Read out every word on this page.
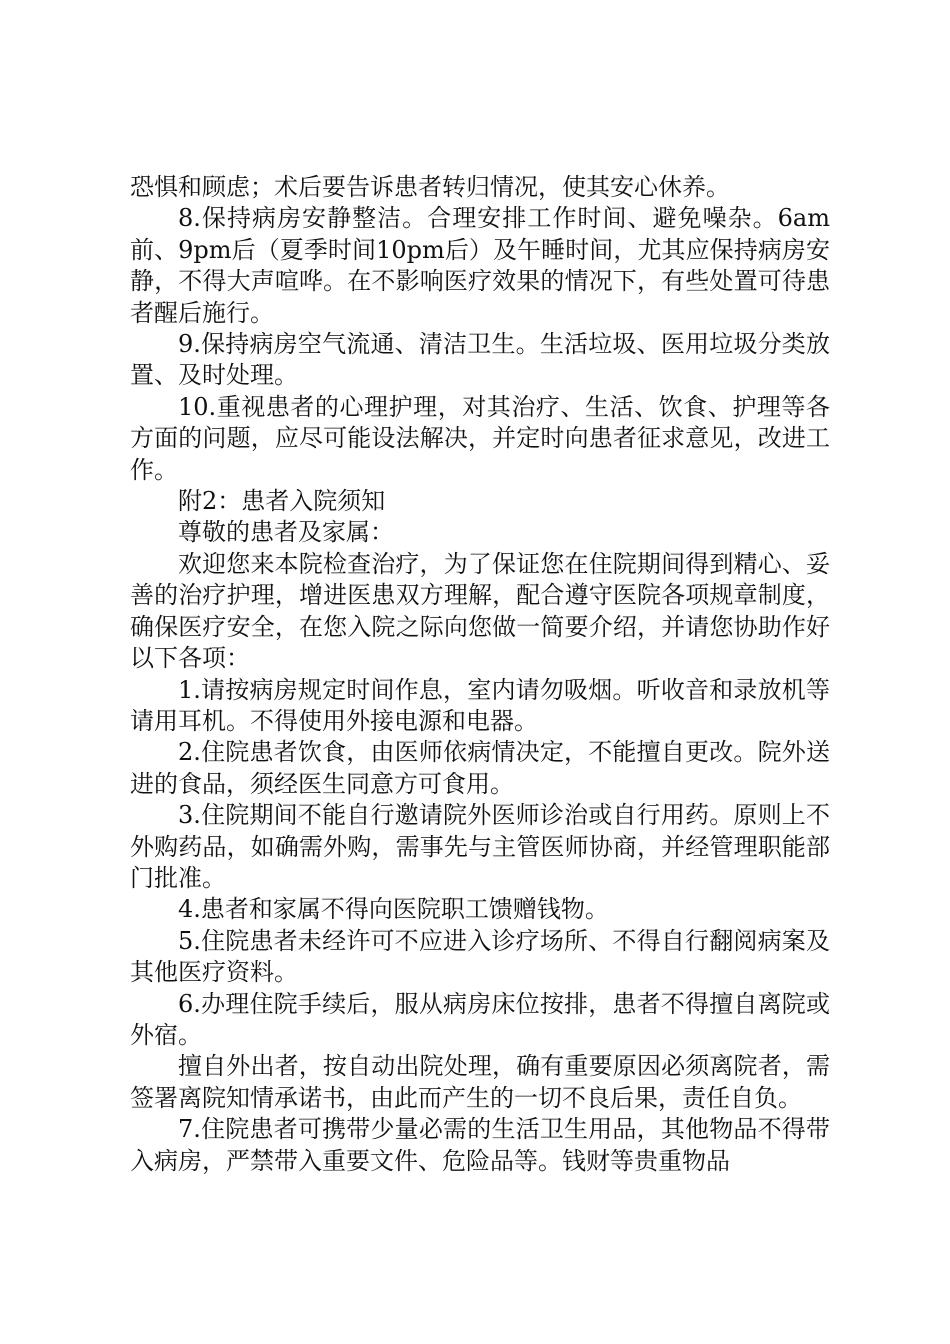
恐惧和顾虑；术后要告诉患者转归情况，使其安心休养。

8.保持病房安静整洁。合理安排工作时间、避免噪杂。6am前、9pm后（夏季时间10pm后）及午睡时间，尤其应保持病房安静，不得大声喧哗。在不影响医疗效果的情况下，有些处置可待患者醒后施行。

9.保持病房空气流通、清洁卫生。生活垃圾、医用垃圾分类放置、及时处理。

10.重视患者的心理护理，对其治疗、生活、饮食、护理等各方面的问题，应尽可能设法解决，并定时向患者征求意见，改进工作。

附2：患者入院须知

尊敬的患者及家属：

欢迎您来本院检查治疗，为了保证您在住院期间得到精心、妥善的治疗护理，增进医患双方理解，配合遵守医院各项规章制度，确保医疗安全，在您入院之际向您做一简要介绍，并请您协助作好以下各项：

1.请按病房规定时间作息，室内请勿吸烟。听收音和录放机等请用耳机。不得使用外接电源和电器。

2.住院患者饮食，由医师依病情决定，不能擅自更改。院外送进的食品，须经医生同意方可食用。

3.住院期间不能自行邀请院外医师诊治或自行用药。原则上不外购药品，如确需外购，需事先与主管医师协商，并经管理职能部门批准。

4.患者和家属不得向医院职工馈赠钱物。

5.住院患者未经许可不应进入诊疗场所、不得自行翻阅病案及其他医疗资料。

6.办理住院手续后，服从病房床位按排，患者不得擅自离院或外宿。

擅自外出者，按自动出院处理，确有重要原因必须离院者，需签署离院知情承诺书，由此而产生的一切不良后果，责任自负。

7.住院患者可携带少量必需的生活卫生用品，其他物品不得带入病房，严禁带入重要文件、危险品等。钱财等贵重物品
